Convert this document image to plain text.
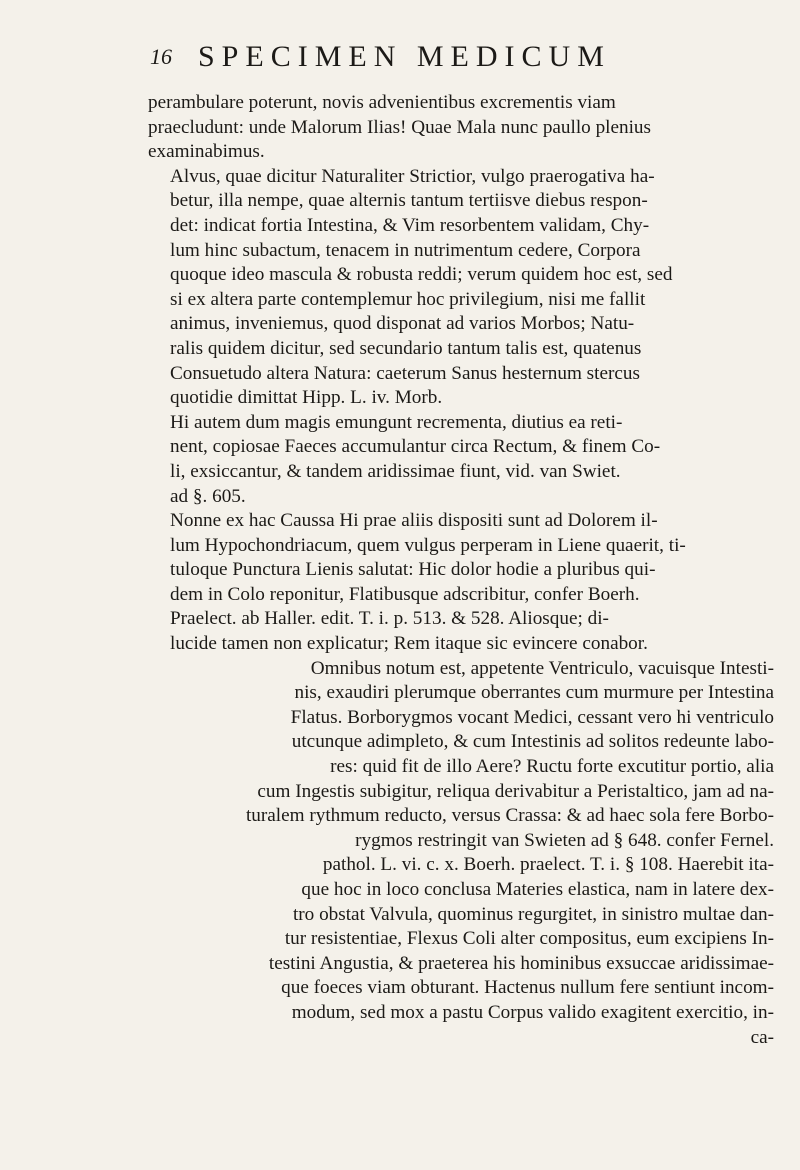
16 SPECIMEN MEDICUM

perambulare poterunt, novis advenientibus excrementis viam
praecludunt: unde Malorum Ilias! Quae Mala nunc paullo plenius
examinabimus.

Alvus, quae dicitur Naturaliter Strictior, vulgo praerogativa ha-
betur, illa nempe, quae alternis tantum tertiisve diebus respon-
det: indicat fortia Intestina, & Vim resorbentem validam, Chy-
lum hinc subactum, tenacem in nutrimentum cedere, Corpora
quoque ideo mascula & robusta reddi; verum quidem hoc est, sed
si ex altera parte contemplemur hoc privilegium, nisi me fallit
animus, inveniemus, quod disponat ad varios Morbos; Natu-
ralis quidem dicitur, sed secundario tantum talis est, quatenus
Consuetudo altera Natura: caeterum Sanus hesternum stercus
quotidie dimittat Hipp. L. iv. Morb.

Hi autem dum magis emungunt recrementa, diutius ea reti-
nent, copiosae Faeces accumulantur circa Rectum, & finem Co-
li, exsiccantur, & tandem aridissimae fiunt, vid. van Swiet.
ad §. 605.

Nonne ex hac Caussa Hi prae aliis dispositi sunt ad Dolorem il-
lum Hypochondriacum, quem vulgus perperam in Liene quaerit, ti-
tuloque Punctura Lienis salutat: Hic dolor hodie a pluribus qui-
dem in Colo reponitur, Flatibusque adscribitur, confer Boerh.
Praelect. ab Haller. edit. T. i. p. 513. & 528. Aliosque; di-
lucide tamen non explicatur; Rem itaque sic evincere conabor.

Omnibus notum est, appetente Ventriculo, vacuisque Intesti-
nis, exaudiri plerumque oberrantes cum murmure per Intestina
Flatus. Borborygmos vocant Medici, cessant vero hi ventriculo
utcunque adimpleto, & cum Intestinis ad solitos redeunte labo-
res: quid fit de illo Aere? Ructu forte excutitur portio, alia
cum Ingestis subigitur, reliqua derivabitur a Peristaltico, jam ad na-
turalem rythmum reducto, versus Crassa: & ad haec sola fere Borbo-
rygmos restringit van Swieten ad § 648. confer Fernel.
pathol. L. vi. c. x. Boerh. praelect. T. i. § 108. Haerebit ita-
que hoc in loco conclusa Materies elastica, nam in latere dex-
tro obstat Valvula, quominus regurgitet, in sinistro multae dan-
tur resistentiae, Flexus Coli alter compositus, eum excipiens In-
testini Angustia, & praeterea his hominibus exsuccae aridissimae-
que foeces viam obturant. Hactenus nullum fere sentiunt incom-
modum, sed mox a pastu Corpus valido exagitent exercitio, in-
ca-
